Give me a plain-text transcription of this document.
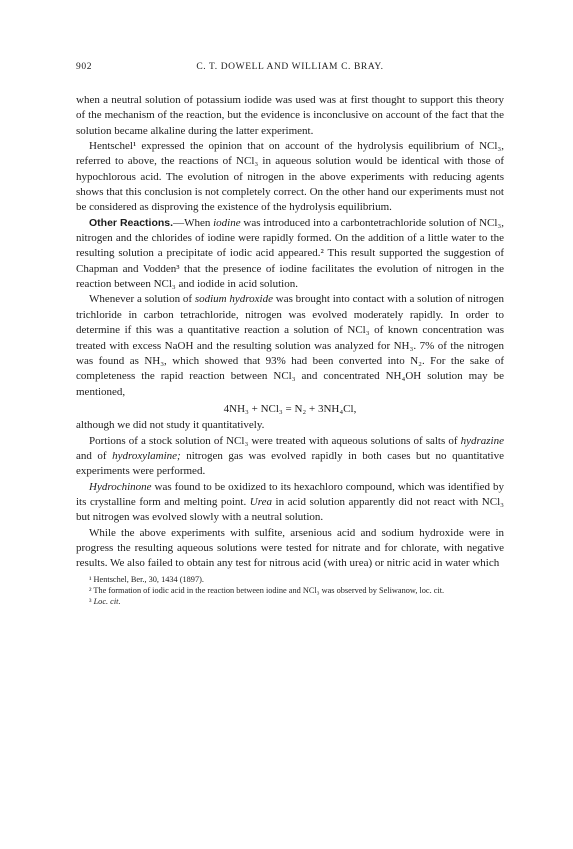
902	C. T. DOWELL AND WILLIAM C. BRAY.

when a neutral solution of potassium iodide was used was at first thought to support this theory of the mechanism of the reaction, but the evidence is inconclusive on account of the fact that the solution became alkaline during the latter experiment.

Hentschel¹ expressed the opinion that on account of the hydrolysis equilibrium of NCl₃, referred to above, the reactions of NCl₃ in aqueous solution would be identical with those of hypochlorous acid. The evolution of nitrogen in the above experiments with reducing agents shows that this conclusion is not completely correct. On the other hand our experiments must not be considered as disproving the existence of the hydrolysis equilibrium.

Other Reactions.—When iodine was introduced into a carbontetrachloride solution of NCl₃, nitrogen and the chlorides of iodine were rapidly formed. On the addition of a little water to the resulting solution a precipitate of iodic acid appeared.² This result supported the suggestion of Chapman and Vodden³ that the presence of iodine facilitates the evolution of nitrogen in the reaction between NCl₃ and iodide in acid solution.

Whenever a solution of sodium hydroxide was brought into contact with a solution of nitrogen trichloride in carbon tetrachloride, nitrogen was evolved moderately rapidly. In order to determine if this was a quantitative reaction a solution of NCl₃ of known concentration was treated with excess NaOH and the resulting solution was analyzed for NH₃. 7% of the nitrogen was found as NH₃, which showed that 93% had been converted into N₂. For the sake of completeness the rapid reaction between NCl₃ and concentrated NH₄OH solution may be mentioned,

4NH₃ + NCl₃ = N₂ + 3NH₄Cl,

although we did not study it quantitatively.

Portions of a stock solution of NCl₃ were treated with aqueous solutions of salts of hydrazine and of hydroxylamine; nitrogen gas was evolved rapidly in both cases but no quantitative experiments were performed.

Hydrochinone was found to be oxidized to its hexachloro compound, which was identified by its crystalline form and melting point. Urea in acid solution apparently did not react with NCl₃ but nitrogen was evolved slowly with a neutral solution.

While the above experiments with sulfite, arsenious acid and sodium hydroxide were in progress the resulting aqueous solutions were tested for nitrate and for chlorate, with negative results. We also failed to obtain any test for nitrous acid (with urea) or nitric acid in water which

¹ Hentschel, Ber., 30, 1434 (1897).

² The formation of iodic acid in the reaction between iodine and NCl₃ was observed by Seliwanow, loc. cit.

³ Loc. cit.
